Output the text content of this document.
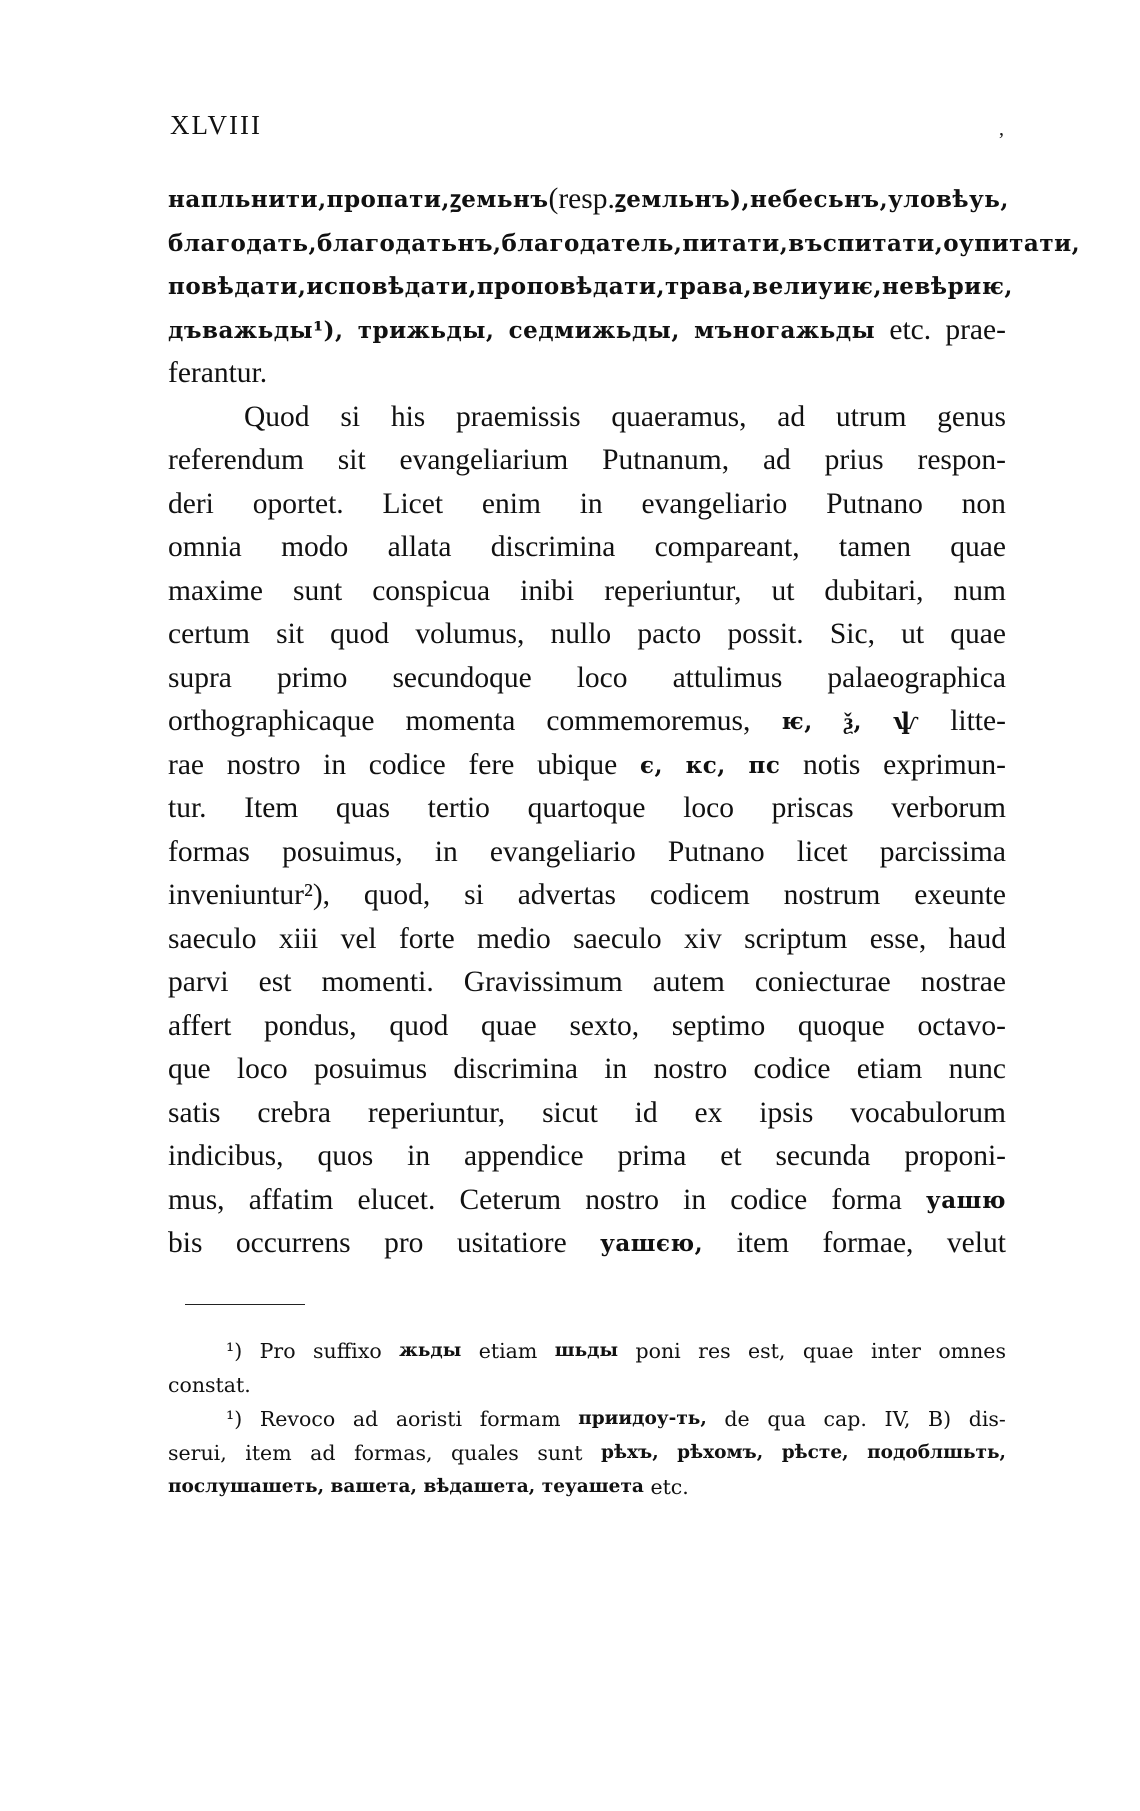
XLVIII	‚
напльнити, пропати, ꙁемьнъ (resp. ꙁемльнъ), небесьнъ, уловѣуь,
благодать, благодатьнъ, благодатель, питати, въспитати, оупитати,
повѣдати, исповѣдати, проповѣдати, трава, велиуиѥ, невѣриѥ,
дъважьды¹), трижьды, седмижьды, мъногажьды etc. prae-
ferantur.
Quod si his praemissis quaeramus, ad utrum genus
referendum sit evangeliarium Putnanum, ad prius respon-
deri oportet. Licet enim in evangeliario Putnano non
omnia modo allata discrimina compareant, tamen quae
maxime sunt conspicua inibi reperiuntur, ut dubitari, num
certum sit quod volumus, nullo pacto possit. Sic, ut quae
supra primo secundoque loco attulimus palaeographica
orthographicaque momenta commemoremus, ѥ, ѯ, ѱ litte-
rae nostro in codice fere ubique є, кс, пс notis exprimun-
tur. Item quas tertio quartoque loco priscas verborum
formas posuimus, in evangeliario Putnano licet parcissima
inveniuntur²), quod, si advertas codicem nostrum exeunte
saeculo xiii vel forte medio saeculo xiv scriptum esse, haud
parvi est momenti. Gravissimum autem coniecturae nostrae
affert pondus, quod quae sexto, septimo quoque octavo-
que loco posuimus discrimina in nostro codice etiam nunc
satis crebra reperiuntur, sicut id ex ipsis vocabulorum
indicibus, quos in appendice prima et secunda proponi-
mus, affatim elucet. Ceterum nostro in codice forma уашю
bis occurrens pro usitatiore уашєю, item formae, velut
¹) Pro suffixo жьды etiam шьды poni res est, quae inter omnes
constat.
¹) Revoco ad aoristi formam приидоу-ть, de qua cap. IV, B) dis-
serui, item ad formas, quales sunt рѣхъ, рѣхомъ, рѣсте, подоблшьть,
послушашеть,
вашета,
вѣдашета,
теуашета
etc.
